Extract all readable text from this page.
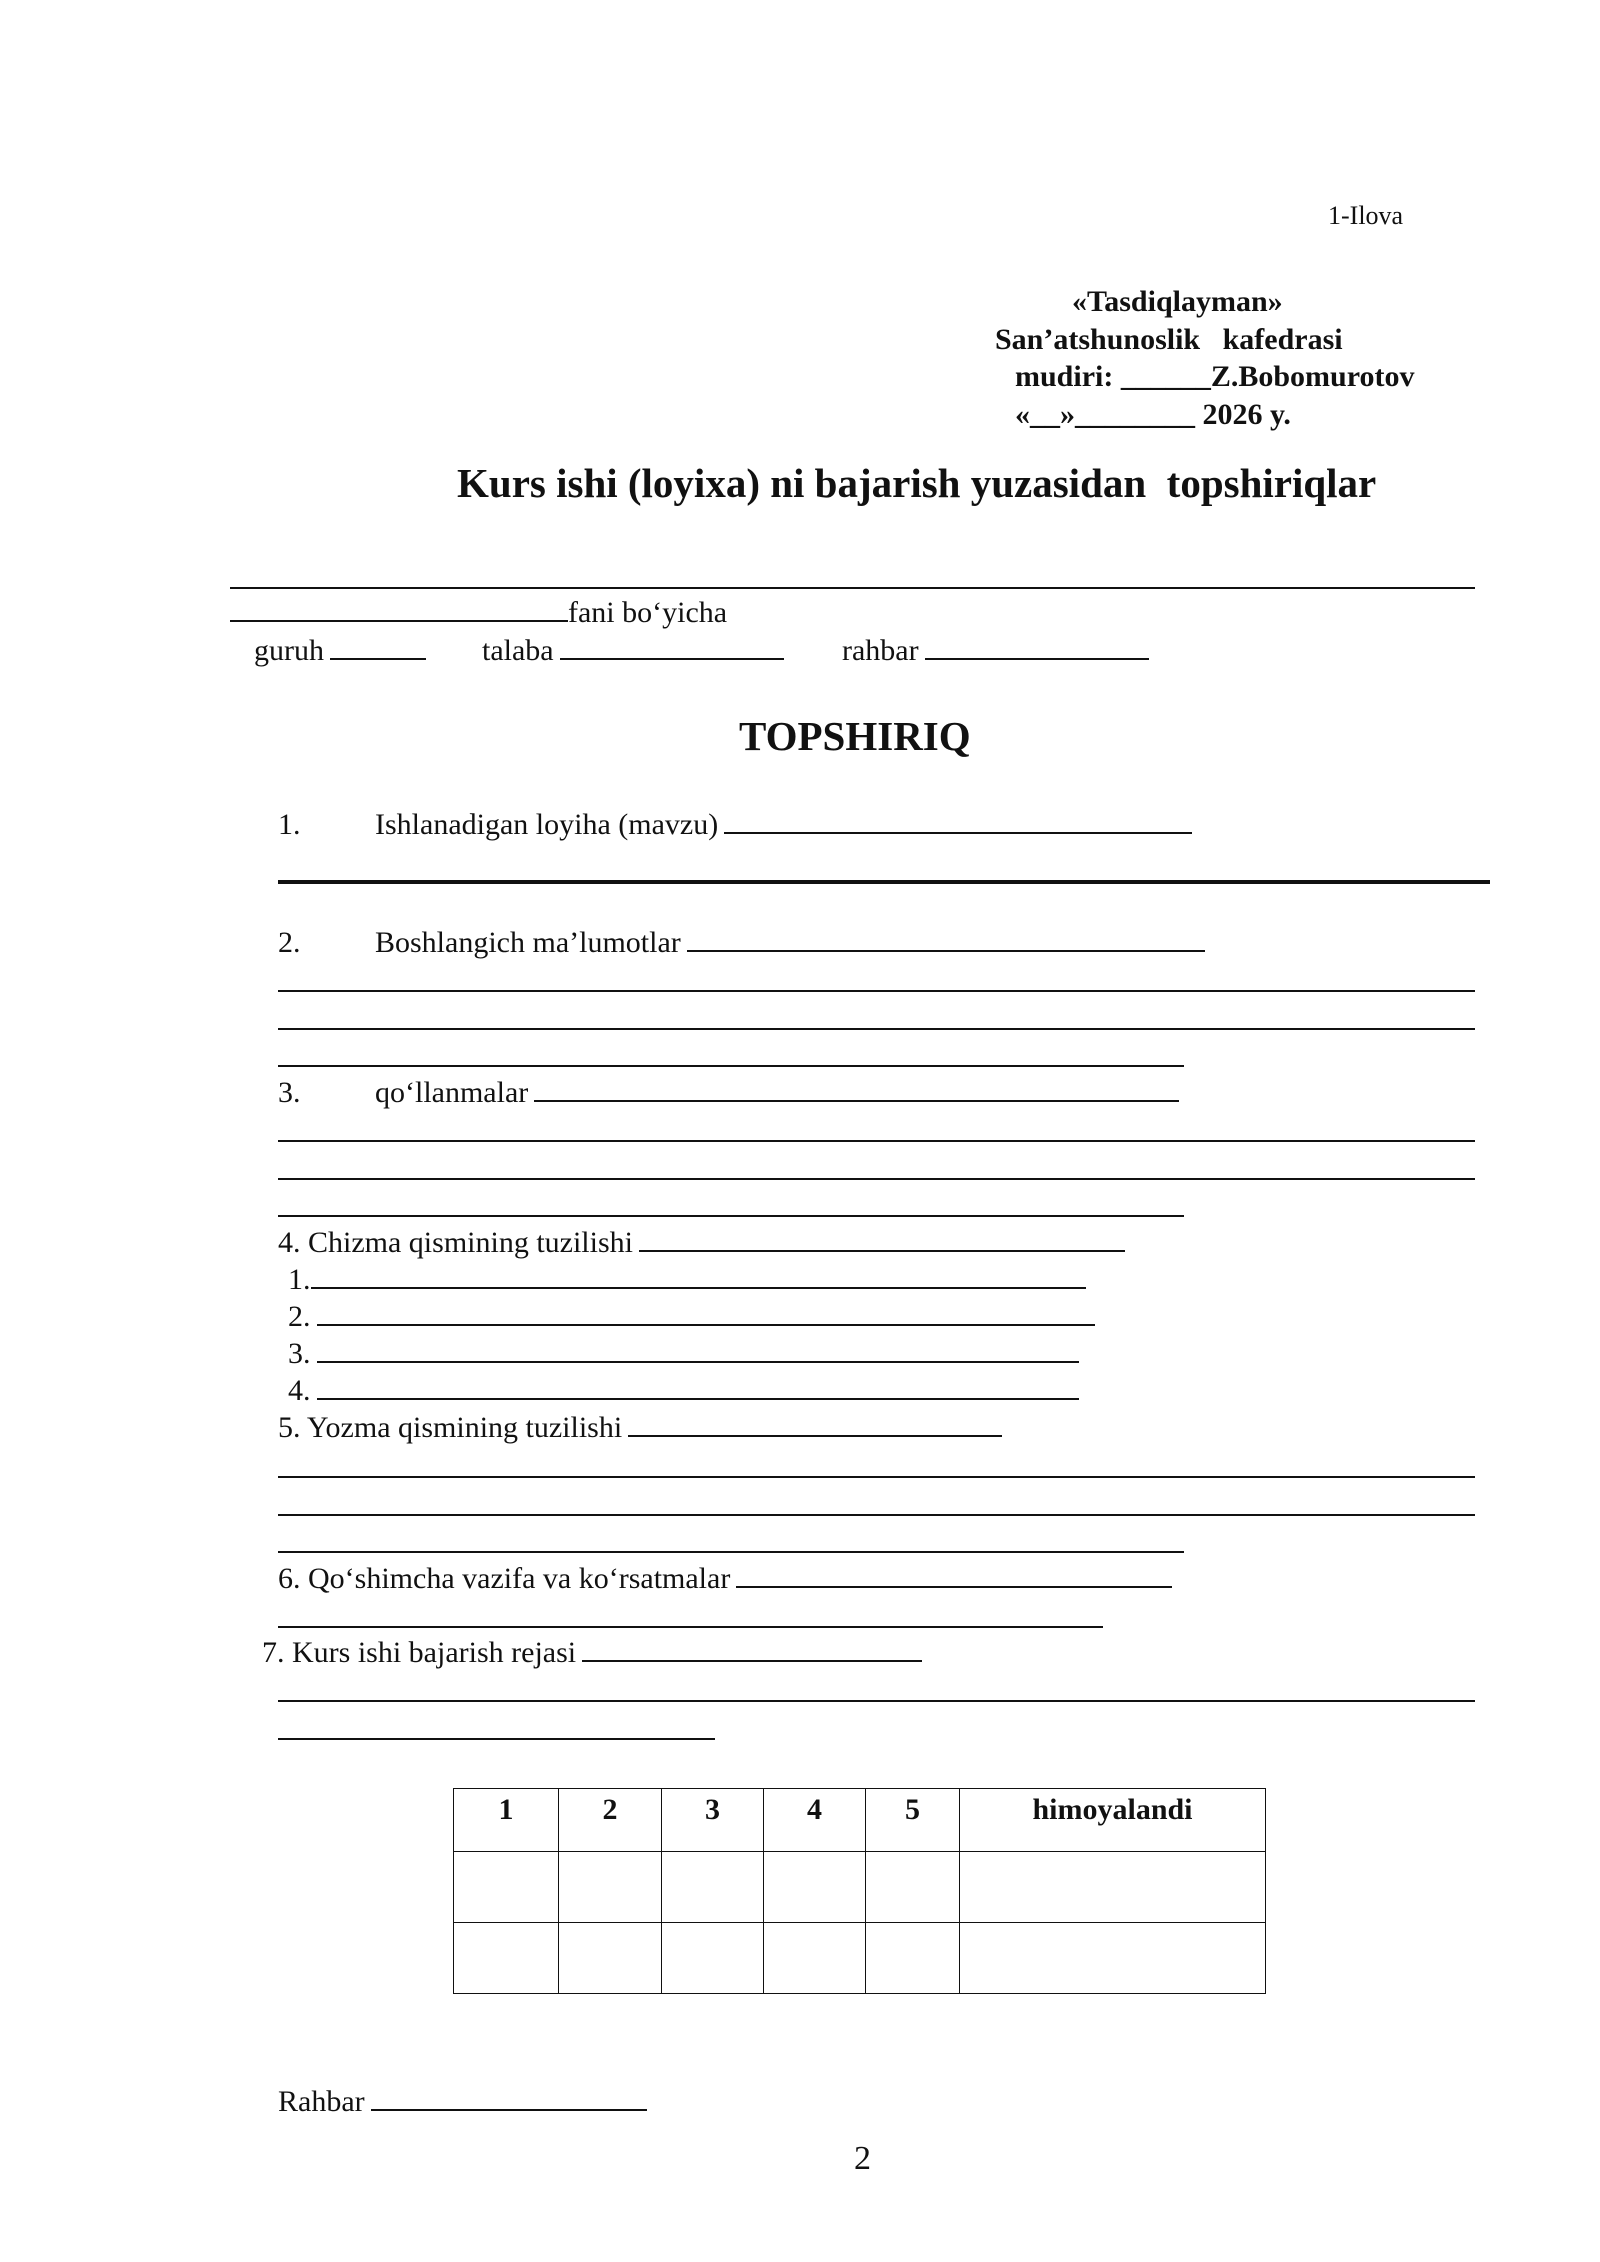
1-Ilova
«Tasdiqlayman»
San’atshunoslik   kafedrasi
mudiri: ______Z.Bobomurotov
«__»________ 2026 y.
Kurs ishi (loyixa) ni bajarish yuzasidan  topshiriqlar
fani bo‘yicha
guruh	talaba	rahbar
TOPSHIRIQ
1. Ishlanadigan loyiha (mavzu)
2. Boshlangich ma’lumotlar
3. qo‘llanmalar
4. Chizma qismining tuzilishi
1.
2.
3.
4.
5. Yozma qismining tuzilishi
6. Qo‘shimcha vazifa va ko‘rsatmalar
7. Kurs ishi bajarish rejasi
1	2	3	4	5	himoyalandi

Rahbar
2
